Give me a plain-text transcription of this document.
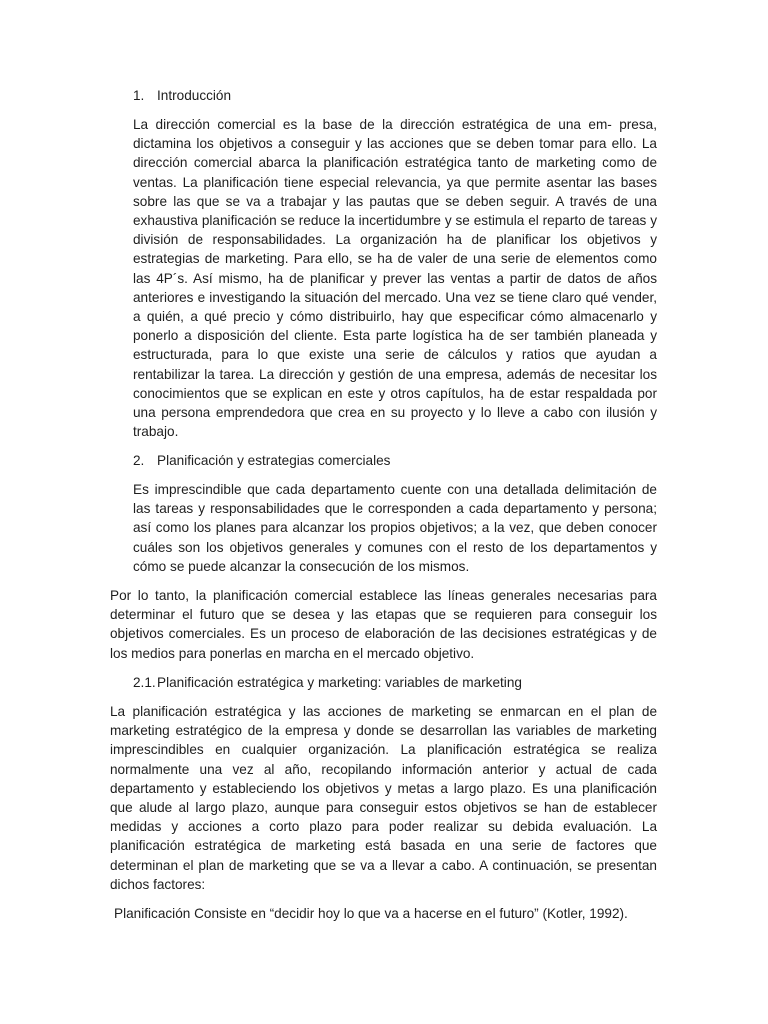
1. Introducción

La dirección comercial es la base de la dirección estratégica de una em- presa, dictamina los objetivos a conseguir y las acciones que se deben tomar para ello. La dirección comercial abarca la planificación estratégica tanto de marketing como de ventas. La planificación tiene especial relevancia, ya que permite asentar las bases sobre las que se va a trabajar y las pautas que se deben seguir. A través de una exhaustiva planificación se reduce la incertidumbre y se estimula el reparto de tareas y división de responsabilidades. La organización ha de planificar los objetivos y estrategias de marketing. Para ello, se ha de valer de una serie de elementos como las 4P´s. Así mismo, ha de planificar y prever las ventas a partir de datos de años anteriores e investigando la situación del mercado. Una vez se tiene claro qué vender, a quién, a qué precio y cómo distribuirlo, hay que especificar cómo almacenarlo y ponerlo a disposición del cliente. Esta parte logística ha de ser también planeada y estructurada, para lo que existe una serie de cálculos y ratios que ayudan a rentabilizar la tarea. La dirección y gestión de una empresa, además de necesitar los conocimientos que se explican en este y otros capítulos, ha de estar respaldada por una persona emprendedora que crea en su proyecto y lo lleve a cabo con ilusión y trabajo.

2. Planificación y estrategias comerciales

Es imprescindible que cada departamento cuente con una detallada delimitación de las tareas y responsabilidades que le corresponden a cada departamento y persona; así como los planes para alcanzar los propios objetivos; a la vez, que deben conocer cuáles son los objetivos generales y comunes con el resto de los departamentos y cómo se puede alcanzar la consecución de los mismos.

Por lo tanto, la planificación comercial establece las líneas generales necesarias para determinar el futuro que se desea y las etapas que se requieren para conseguir los objetivos comerciales. Es un proceso de elaboración de las decisiones estratégicas y de los medios para ponerlas en marcha en el mercado objetivo.

2.1.Planificación estratégica y marketing: variables de marketing

La planificación estratégica y las acciones de marketing se enmarcan en el plan de marketing estratégico de la empresa y donde se desarrollan las variables de marketing imprescindibles en cualquier organización. La planificación estratégica se realiza normalmente una vez al año, recopilando información anterior y actual de cada departamento y estableciendo los objetivos y metas a largo plazo. Es una planificación que alude al largo plazo, aunque para conseguir estos objetivos se han de establecer medidas y acciones a corto plazo para poder realizar su debida evaluación. La planificación estratégica de marketing está basada en una serie de factores que determinan el plan de marketing que se va a llevar a cabo. A continuación, se presentan dichos factores:

Planificación Consiste en “decidir hoy lo que va a hacerse en el futuro” (Kotler, 1992).
